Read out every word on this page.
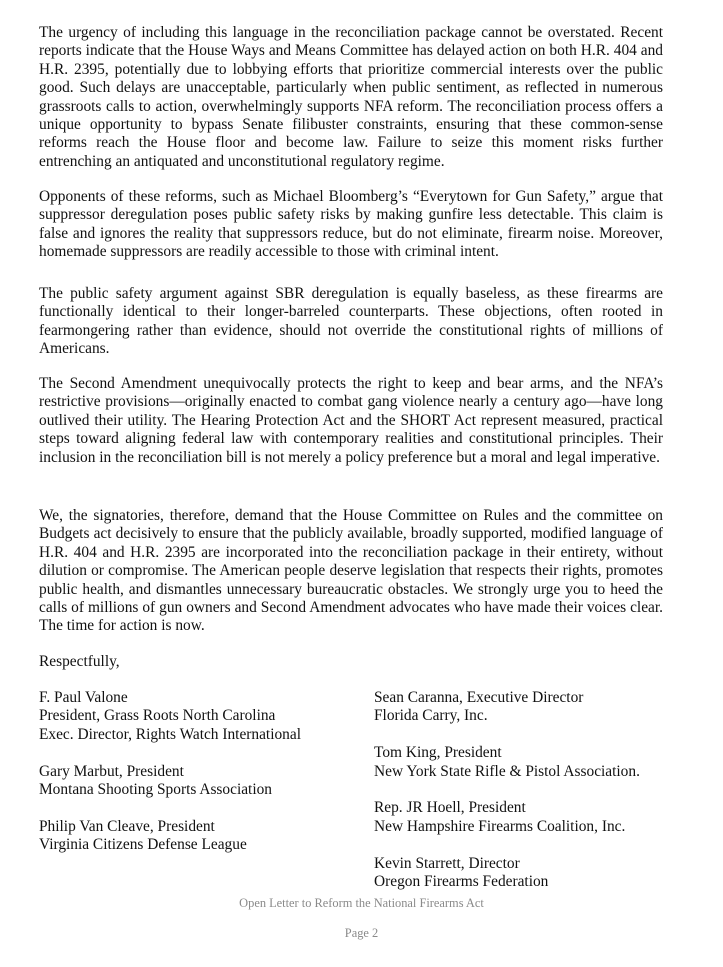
The urgency of including this language in the reconciliation package cannot be overstated. Recent reports indicate that the House Ways and Means Committee has delayed action on both H.R. 404 and H.R. 2395, potentially due to lobbying efforts that prioritize commercial interests over the public good. Such delays are unacceptable, particularly when public sentiment, as reflected in numerous grassroots calls to action, overwhelmingly supports NFA reform. The reconciliation process offers a unique opportunity to bypass Senate filibuster constraints, ensuring that these common-sense reforms reach the House floor and become law. Failure to seize this moment risks further entrenching an antiquated and unconstitutional regulatory regime.

Opponents of these reforms, such as Michael Bloomberg’s “Everytown for Gun Safety,” argue that suppressor deregulation poses public safety risks by making gunfire less detectable. This claim is false and ignores the reality that suppressors reduce, but do not eliminate, firearm noise. Moreover, homemade suppressors are readily accessible to those with criminal intent.

The public safety argument against SBR deregulation is equally baseless, as these firearms are functionally identical to their longer-barreled counterparts. These objections, often rooted in fearmongering rather than evidence, should not override the constitutional rights of millions of Americans.

The Second Amendment unequivocally protects the right to keep and bear arms, and the NFA’s restrictive provisions—originally enacted to combat gang violence nearly a century ago—have long outlived their utility. The Hearing Protection Act and the SHORT Act represent measured, practical steps toward aligning federal law with contemporary realities and constitutional principles. Their inclusion in the reconciliation bill is not merely a policy preference but a moral and legal imperative.

We, the signatories, therefore, demand that the House Committee on Rules and the committee on Budgets act decisively to ensure that the publicly available, broadly supported, modified language of H.R. 404 and H.R. 2395 are incorporated into the reconciliation package in their entirety, without dilution or compromise. The American people deserve legislation that respects their rights, promotes public health, and dismantles unnecessary bureaucratic obstacles. We strongly urge you to heed the calls of millions of gun owners and Second Amendment advocates who have made their voices clear. The time for action is now.

Respectfully,

F. Paul Valone
President, Grass Roots North Carolina
Exec. Director, Rights Watch International
Gary Marbut, President
Montana Shooting Sports Association
Philip Van Cleave, President
Virginia Citizens Defense League
Sean Caranna, Executive Director
Florida Carry, Inc.
Tom King, President
New York State Rifle & Pistol Association.
Rep. JR Hoell, President
New Hampshire Firearms Coalition, Inc.
Kevin Starrett, Director
Oregon Firearms Federation
Open Letter to Reform the National Firearms Act
Page 2
